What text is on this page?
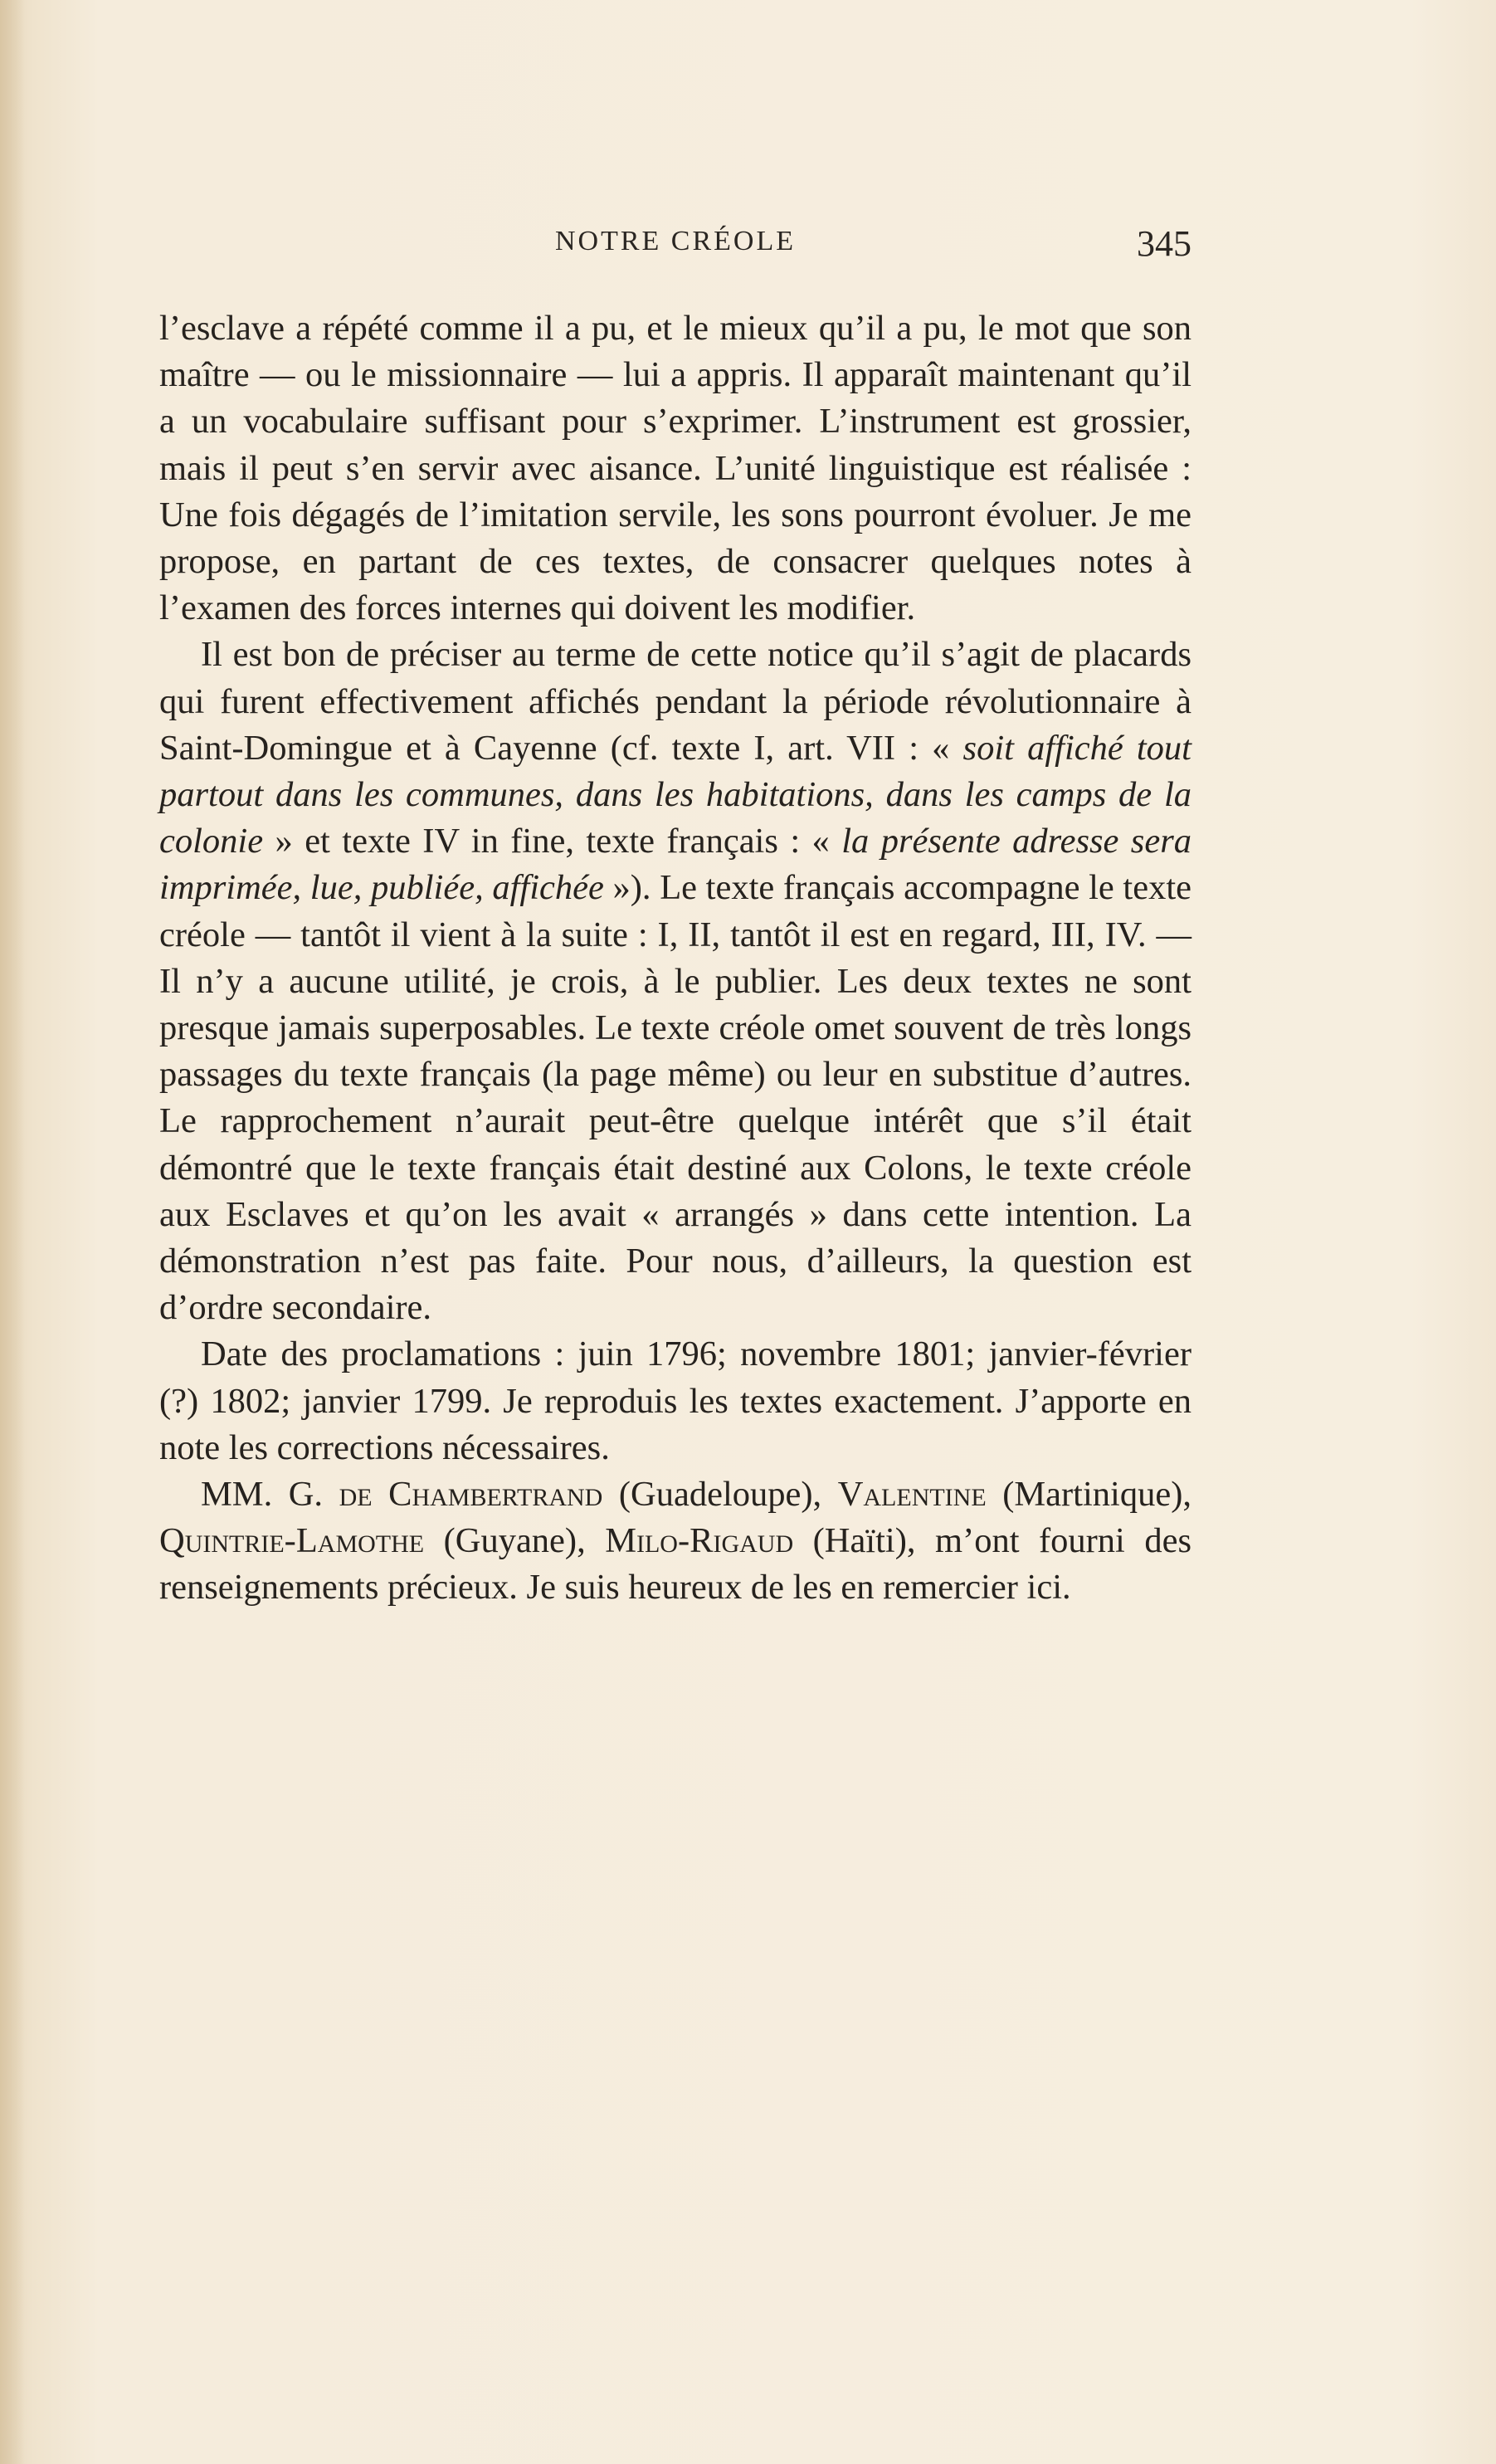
NOTRE CRÉOLE	345

l’esclave a répété comme il a pu, et le mieux qu’il a pu, le mot que son maître — ou le missionnaire — lui a appris. Il apparaît maintenant qu’il a un vocabulaire suffisant pour s’exprimer. L’instrument est grossier, mais il peut s’en servir avec aisance. L’unité linguistique est réalisée : Une fois dégagés de l’imitation servile, les sons pourront évoluer. Je me propose, en partant de ces textes, de consacrer quelques notes à l’examen des forces internes qui doivent les modifier.

Il est bon de préciser au terme de cette notice qu’il s’agit de placards qui furent effectivement affichés pendant la période révolutionnaire à Saint-Domingue et à Cayenne (cf. texte I, art. VII : « soit affiché tout partout dans les communes, dans les habitations, dans les camps de la colonie » et texte IV in fine, texte français : « la présente adresse sera imprimée, lue, publiée, affichée »). Le texte français accompagne le texte créole — tantôt il vient à la suite : I, II, tantôt il est en regard, III, IV. — Il n’y a aucune utilité, je crois, à le publier. Les deux textes ne sont presque jamais superposables. Le texte créole omet souvent de très longs passages du texte français (la page même) ou leur en substitue d’autres. Le rapprochement n’aurait peut-être quelque intérêt que s’il était démontré que le texte français était destiné aux Colons, le texte créole aux Esclaves et qu’on les avait « arrangés » dans cette intention. La démonstration n’est pas faite. Pour nous, d’ailleurs, la question est d’ordre secondaire.

Date des proclamations : juin 1796; novembre 1801; janvier-février (?) 1802; janvier 1799. Je reproduis les textes exactement. J’apporte en note les corrections nécessaires.

MM. G. de Chambertrand (Guadeloupe), Valentine (Martinique), Quintrie-Lamothe (Guyane), Milo-Rigaud (Haïti), m’ont fourni des renseignements précieux. Je suis heureux de les en remercier ici.
